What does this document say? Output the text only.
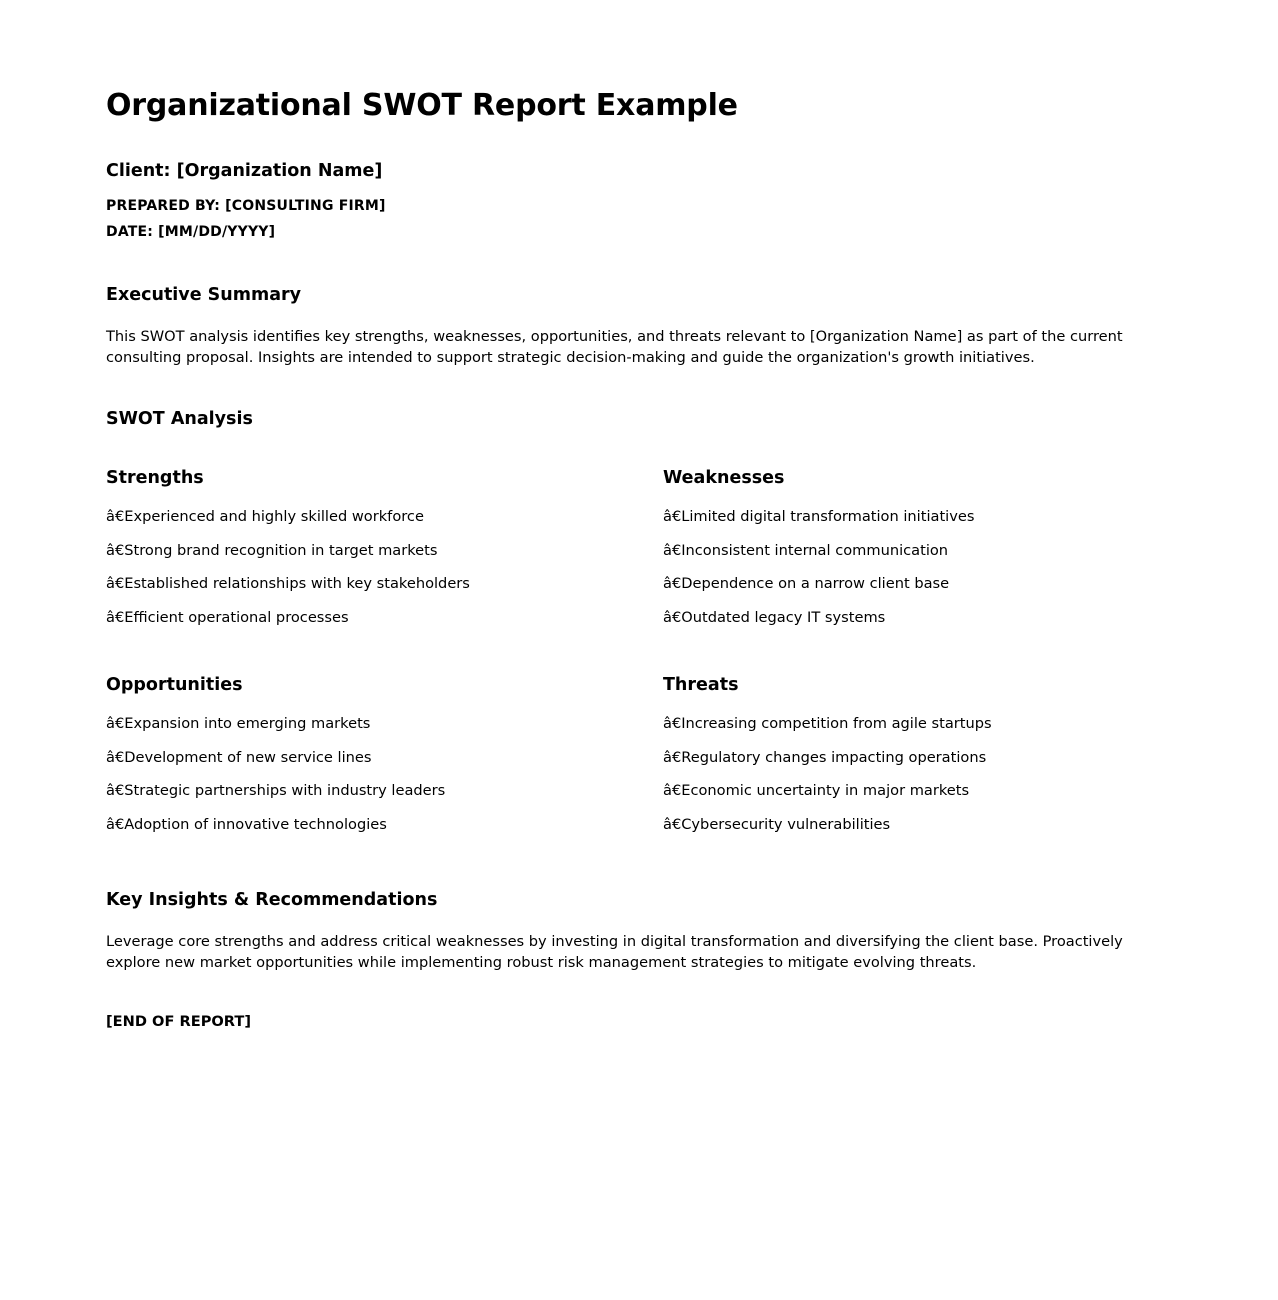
Organizational SWOT Report Example
Client: [Organization Name]

PREPARED BY: [CONSULTING FIRM]

DATE: [MM/DD/YYYY]

Executive Summary

This SWOT analysis identifies key strengths, weaknesses, opportunities, and threats relevant to [Organization Name] as part of the current consulting proposal. Insights are intended to support strategic decision-making and guide the organization's growth initiatives.

SWOT Analysis
Strengths
â€Experienced and highly skilled workforce
â€Strong brand recognition in target markets
â€Established relationships with key stakeholders
â€Efficient operational processes
Weaknesses
â€Limited digital transformation initiatives
â€Inconsistent internal communication
â€Dependence on a narrow client base
â€Outdated legacy IT systems
Opportunities
â€Expansion into emerging markets
â€Development of new service lines
â€Strategic partnerships with industry leaders
â€Adoption of innovative technologies
Threats
â€Increasing competition from agile startups
â€Regulatory changes impacting operations
â€Economic uncertainty in major markets
â€Cybersecurity vulnerabilities
Key Insights & Recommendations

Leverage core strengths and address critical weaknesses by investing in digital transformation and diversifying the client base. Proactively explore new market opportunities while implementing robust risk management strategies to mitigate evolving threats.

[END OF REPORT]
